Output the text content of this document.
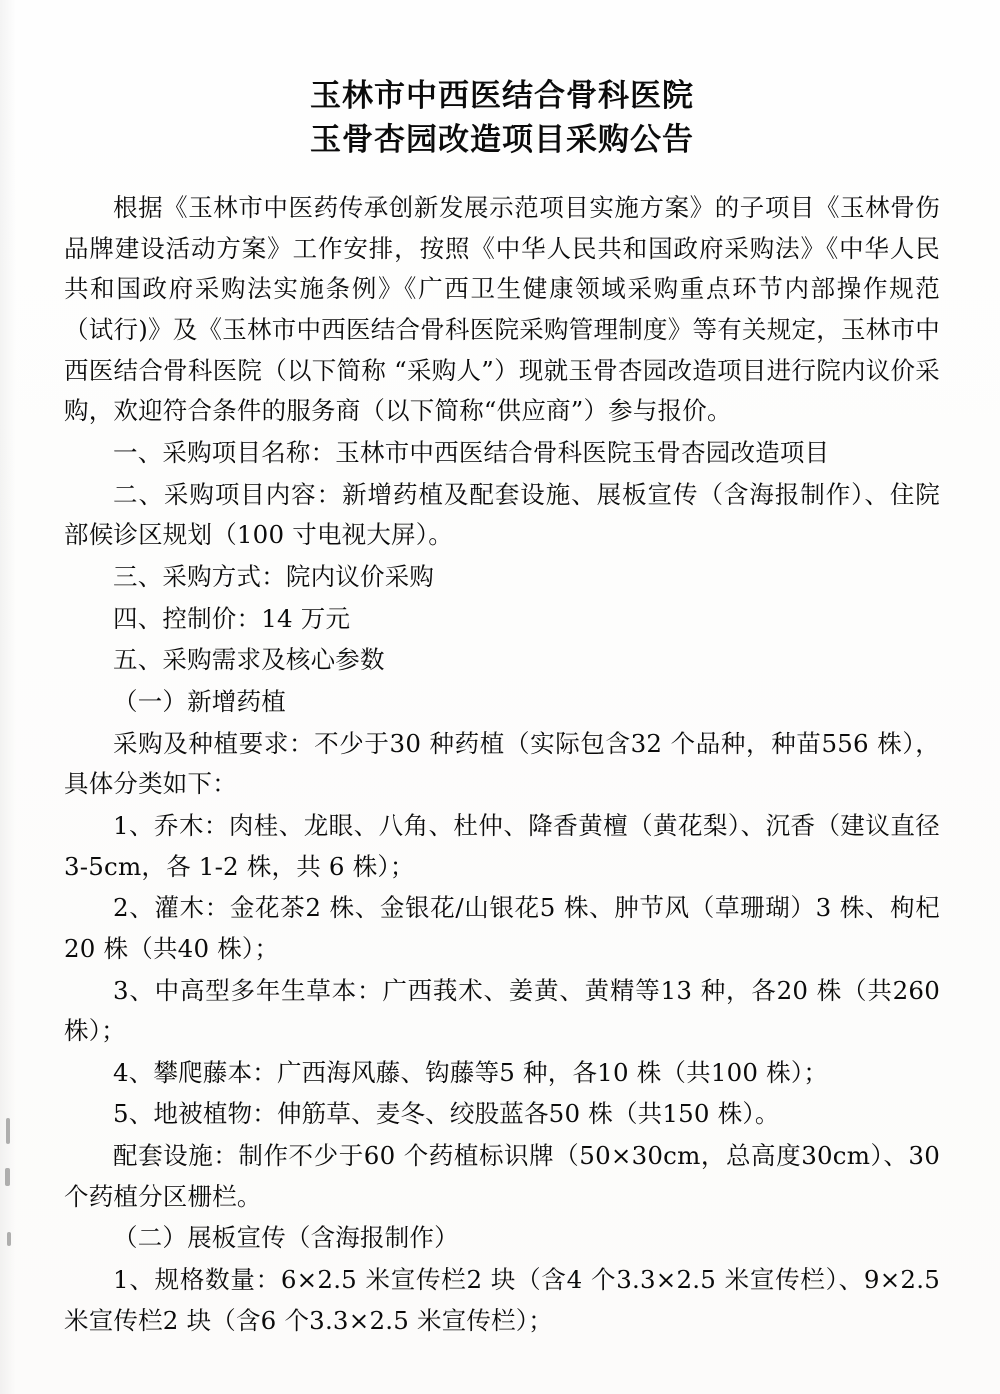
玉林市中西医结合骨科医院
玉骨杏园改造项目采购公告

根据《玉林市中医药传承创新发展示范项目实施方案》的子项目《玉林骨伤品牌建设活动方案》工作安排，按照《中华人民共和国政府采购法》《中华人民共和国政府采购法实施条例》《广西卫生健康领域采购重点环节内部操作规范（试行)》及《玉林市中西医结合骨科医院采购管理制度》等有关规定，玉林市中西医结合骨科医院（以下简称 “采购人”）现就玉骨杏园改造项目进行院内议价采购，欢迎符合条件的服务商（以下简称“供应商”）参与报价。

一、采购项目名称：玉林市中西医结合骨科医院玉骨杏园改造项目

二、采购项目内容：新增药植及配套设施、展板宣传（含海报制作）、住院部候诊区规划（100 寸电视大屏）。

三、采购方式：院内议价采购

四、控制价：14 万元

五、采购需求及核心参数

（一）新增药植

采购及种植要求：不少于30 种药植（实际包含32 个品种，种苗556 株），具体分类如下：

1、乔木：肉桂、龙眼、八角、杜仲、降香黄檀（黄花梨）、沉香（建议直径 3-5cm，各 1-2 株，共 6 株）；

2、灌木：金花茶2 株、金银花/山银花5 株、肿节风（草珊瑚）3 株、枸杞20 株（共40 株）；

3、中高型多年生草本：广西莪术、姜黄、黄精等13 种，各20 株（共260 株）；

4、攀爬藤本：广西海风藤、钩藤等5 种，各10 株（共100 株）；

5、地被植物：伸筋草、麦冬、绞股蓝各50 株（共150 株）。

配套设施：制作不少于60 个药植标识牌（50×30cm，总高度30cm）、30 个药植分区栅栏。

（二）展板宣传（含海报制作）

1、规格数量：6×2.5 米宣传栏2 块（含4 个3.3×2.5 米宣传栏）、9×2.5 米宣传栏2 块（含6 个3.3×2.5 米宣传栏）；
